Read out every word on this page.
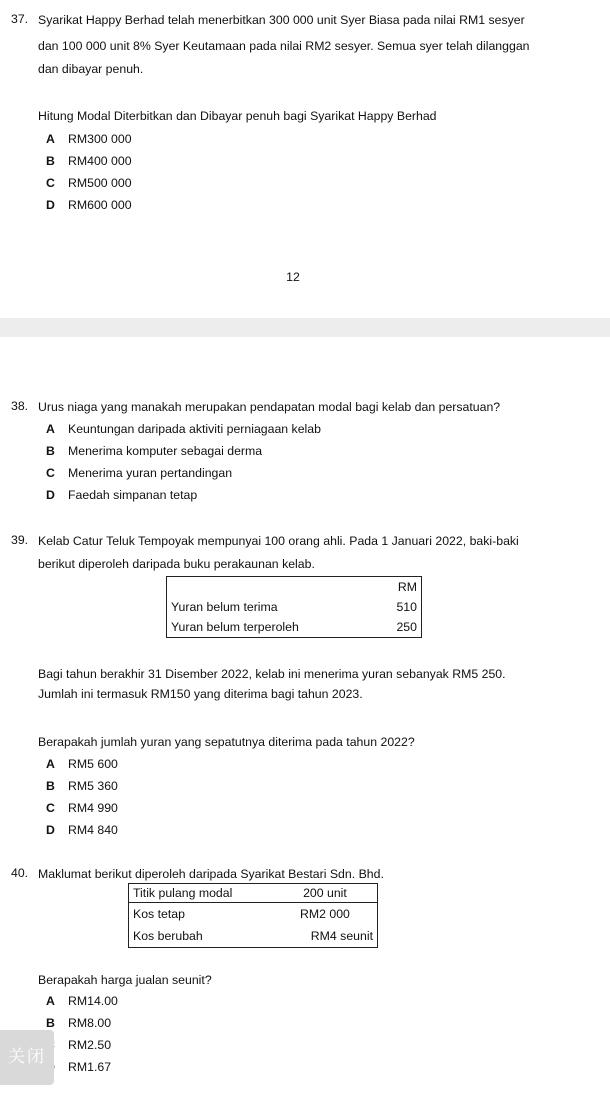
37. Syarikat Happy Berhad telah menerbitkan 300 000 unit Syer Biasa pada nilai RM1 sesyer
dan 100 000 unit 8% Syer Keutamaan pada nilai RM2 sesyer. Semua syer telah dilanggan
dan dibayar penuh.
Hitung Modal Diterbitkan dan Dibayar penuh bagi Syarikat Happy Berhad
A RM300 000
B RM400 000
C RM500 000
D RM600 000
12
38. Urus niaga yang manakah merupakan pendapatan modal bagi kelab dan persatuan?
A Keuntungan daripada aktiviti perniagaan kelab
B Menerima komputer sebagai derma
C Menerima yuran pertandingan
D Faedah simpanan tetap
39. Kelab Catur Teluk Tempoyak mempunyai 100 orang ahli. Pada 1 Januari 2022, baki-baki
berikut diperoleh daripada buku perakaunan kelab.
	RM
Yuran belum terima	510
Yuran belum terperoleh	250
Bagi tahun berakhir 31 Disember 2022, kelab ini menerima yuran sebanyak RM5 250.
Jumlah ini termasuk RM150 yang diterima bagi tahun 2023.
Berapakah jumlah yuran yang sepatutnya diterima pada tahun 2022?
A RM5 600
B RM5 360
C RM4 990
D RM4 840
40. Maklumat berikut diperoleh daripada Syarikat Bestari Sdn. Bhd.
Titik pulang modal	200 unit
Kos tetap	RM2 000
Kos berubah	RM4 seunit
Berapakah harga jualan seunit?
A RM14.00
B RM8.00
RM2.50
RM1.67
关闭
